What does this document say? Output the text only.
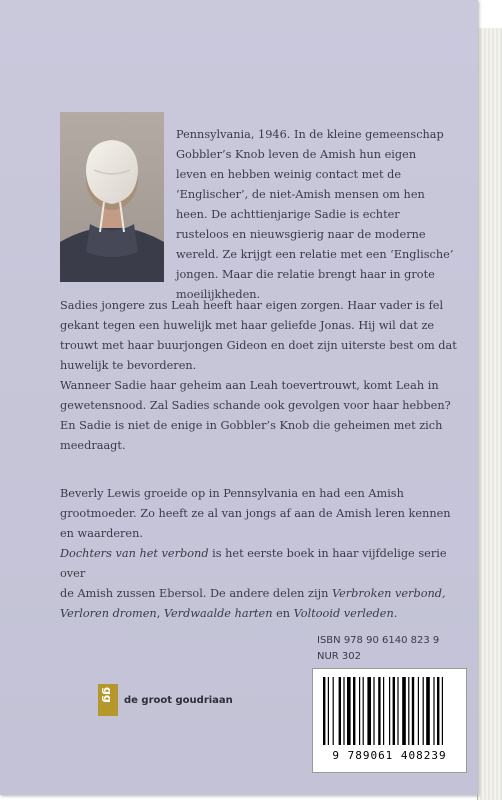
Pennsylvania, 1946. In de kleine gemeenschap

Gobbler’s Knob leven de Amish hun eigen

leven en hebben weinig contact met de

‘Englischer’, de niet-Amish mensen om hen

heen. De achttienjarige Sadie is echter

rusteloos en nieuwsgierig naar de moderne

wereld. Ze krijgt een relatie met een ‘Englische’

jongen. Maar die relatie brengt haar in grote

moeilijkheden.

Sadies jongere zus Leah heeft haar eigen zorgen. Haar vader is fel

gekant tegen een huwelijk met haar geliefde Jonas. Hij wil dat ze

trouwt met haar buurjongen Gideon en doet zijn uiterste best om dat

huwelijk te bevorderen.

Wanneer Sadie haar geheim aan Leah toevertrouwt, komt Leah in

gewetensnood. Zal Sadies schande ook gevolgen voor haar hebben?

En Sadie is niet de enige in Gobbler’s Knob die geheimen met zich

meedraagt.

Beverly Lewis groeide op in Pennsylvania en had een Amish

grootmoeder. Zo heeft ze al van jongs af aan de Amish leren kennen

en waarderen.

Dochters van het verbond is het eerste boek in haar vijfdelige serie over

de Amish zussen Ebersol. De andere delen zijn Verbroken verbond,

Verloren dromen, Verdwaalde harten en Voltooid verleden.

ISBN 978 90 6140 823 9
NUR 302
gg de groot goudriaan
9 789061 408239
